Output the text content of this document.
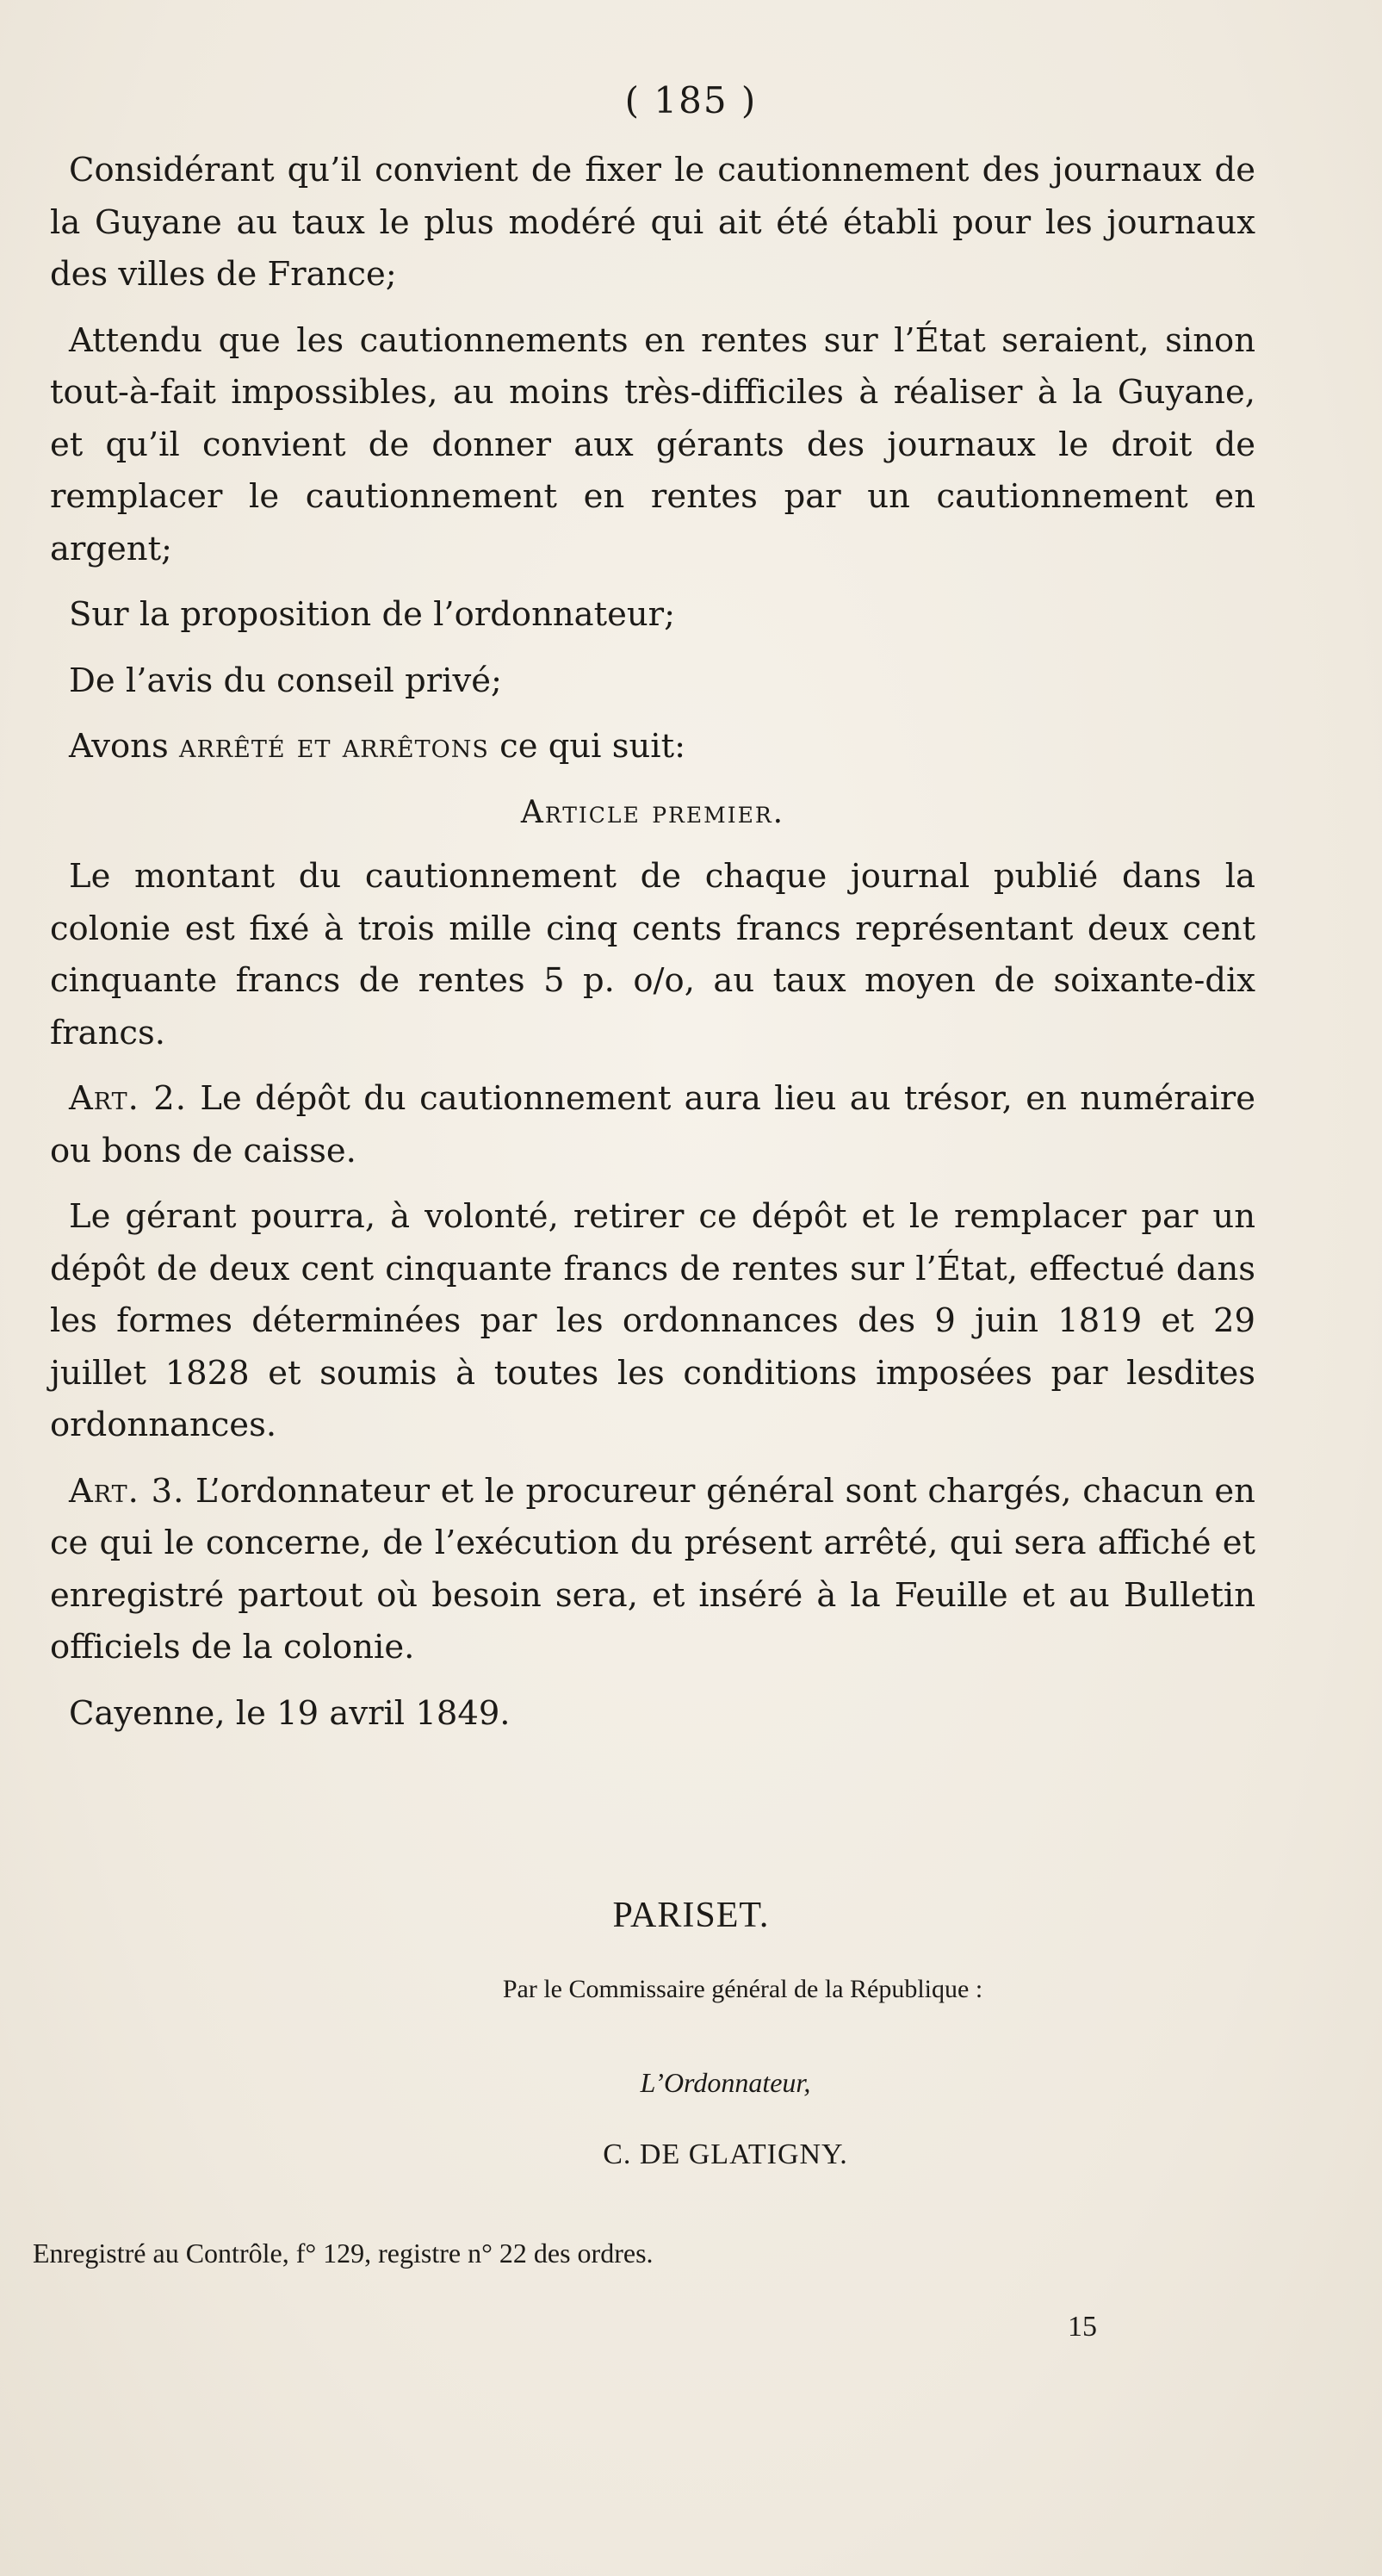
( 185 )

Considérant qu’il convient de fixer le cautionnement des journaux de la Guyane au taux le plus modéré qui ait été établi pour les journaux des villes de France;

Attendu que les cautionnements en rentes sur l’État seraient, sinon tout-à-fait impossibles, au moins très-difficiles à réaliser à la Guyane, et qu’il convient de donner aux gérants des journaux le droit de remplacer le cautionnement en rentes par un cautionnement en argent;

Sur la proposition de l’ordonnateur;

De l’avis du conseil privé;

Avons arrêté et arrêtons ce qui suit:

Article premier.

Le montant du cautionnement de chaque journal publié dans la colonie est fixé à trois mille cinq cents francs représentant deux cent cinquante francs de rentes 5 p. o/o, au taux moyen de soixante-dix francs.

Art. 2. Le dépôt du cautionnement aura lieu au trésor, en numéraire ou bons de caisse.

Le gérant pourra, à volonté, retirer ce dépôt et le remplacer par un dépôt de deux cent cinquante francs de rentes sur l’État, effectué dans les formes déterminées par les ordonnances des 9 juin 1819 et 29 juillet 1828 et soumis à toutes les conditions imposées par lesdites ordonnances.

Art. 3. L’ordonnateur et le procureur général sont chargés, chacun en ce qui le concerne, de l’exécution du présent arrêté, qui sera affiché et enregistré partout où besoin sera, et inséré à la Feuille et au Bulletin officiels de la colonie.

Cayenne, le 19 avril 1849.

PARISET.
Par le Commissaire général de la République :
L’Ordonnateur,
C. DE GLATIGNY.
Enregistré au Contrôle, f° 129, registre n° 22 des ordres.
15
